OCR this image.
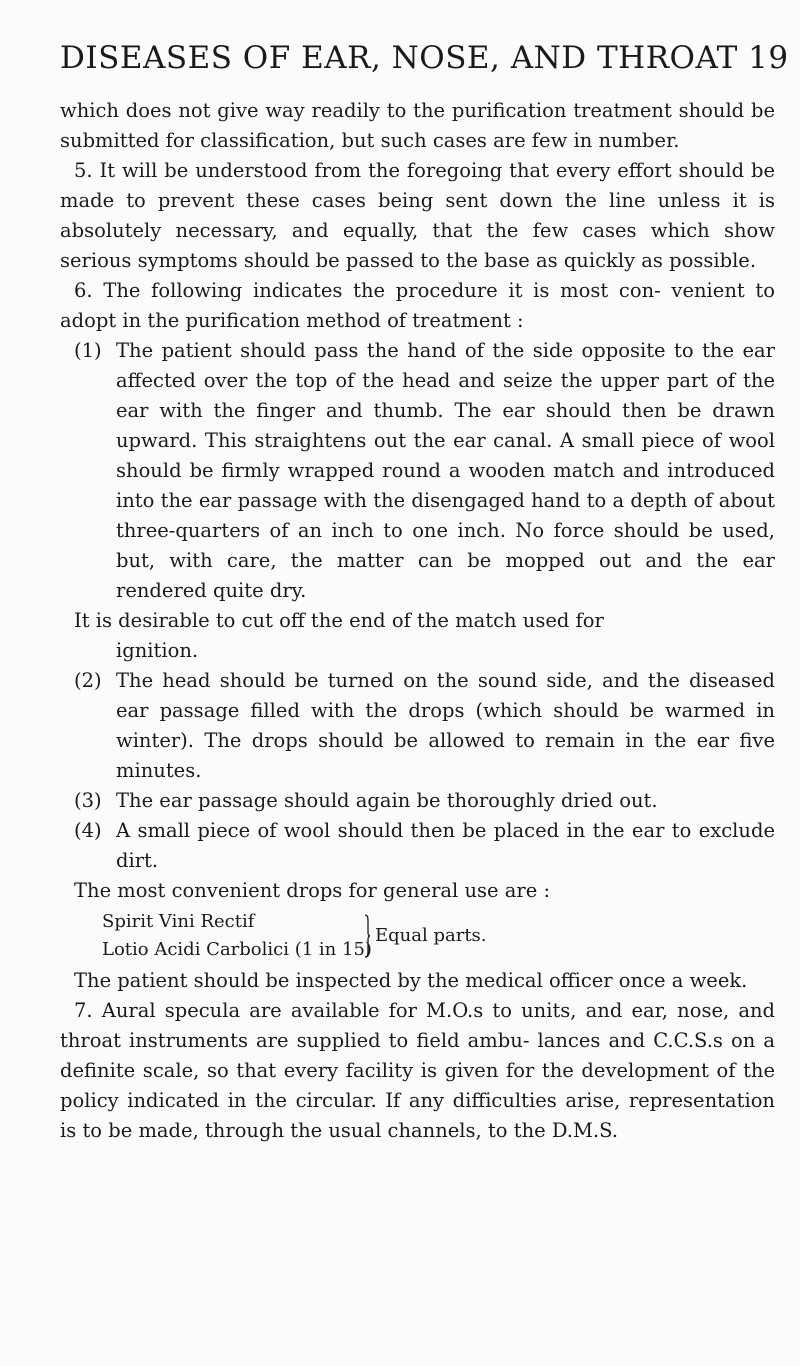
DISEASES OF EAR, NOSE, AND THROAT 19

which does not give way readily to the purification treatment should be submitted for classification, but such cases are few in number.

5. It will be understood from the foregoing that every effort should be made to prevent these cases being sent down the line unless it is absolutely necessary, and equally, that the few cases which show serious symptoms should be passed to the base as quickly as possible.

6. The following indicates the procedure it is most con- venient to adopt in the purification method of treatment :

(1) The patient should pass the hand of the side opposite to the ear affected over the top of the head and seize the upper part of the ear with the finger and thumb. The ear should then be drawn upward. This straightens out the ear canal. A small piece of wool should be firmly wrapped round a wooden match and introduced into the ear passage with the disengaged hand to a depth of about three-quarters of an inch to one inch. No force should be used, but, with care, the matter can be mopped out and the ear rendered quite dry.
It is desirable to cut off the end of the match used for
ignition.
(2) The head should be turned on the sound side, and the diseased ear passage filled with the drops (which should be warmed in winter). The drops should be allowed to remain in the ear five minutes.
(3) The ear passage should again be thoroughly dried out.
(4) A small piece of wool should then be placed in the ear to exclude dirt.

The most convenient drops for general use are :

Spirit Vini Rectif
Lotio Acidi Carbolici (1 in 15)
Equal parts.

The patient should be inspected by the medical officer once a week.

7. Aural specula are available for M.O.s to units, and ear, nose, and throat instruments are supplied to field ambu- lances and C.C.S.s on a definite scale, so that every facility is given for the development of the policy indicated in the circular. If any difficulties arise, representation is to be made, through the usual channels, to the D.M.S.
